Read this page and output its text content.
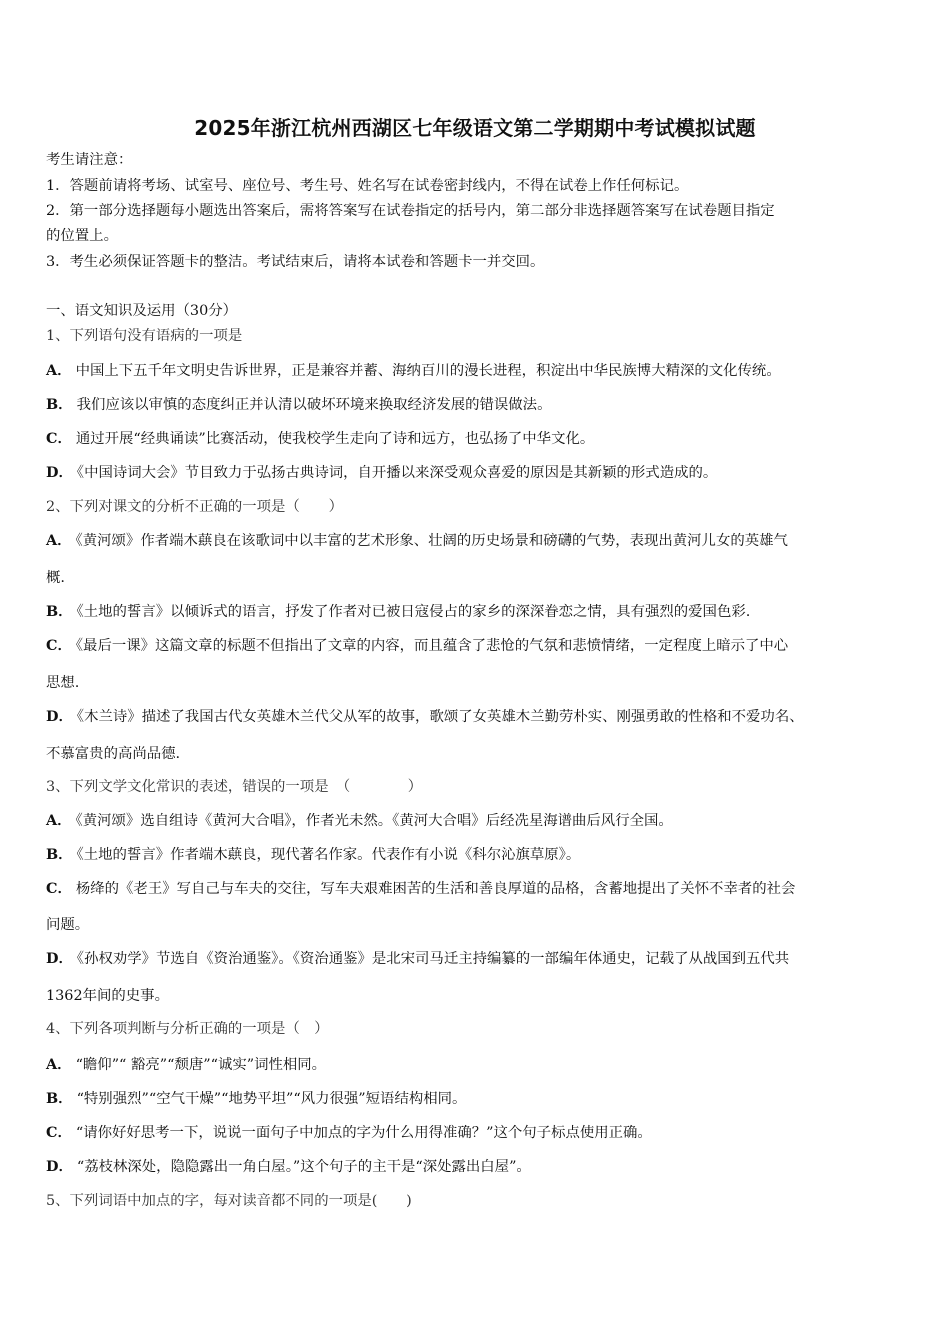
2025年浙江杭州西湖区七年级语文第二学期期中考试模拟试题
考生请注意：
1．答题前请将考场、试室号、座位号、考生号、姓名写在试卷密封线内，不得在试卷上作任何标记。
2．第一部分选择题每小题选出答案后，需将答案写在试卷指定的括号内，第二部分非选择题答案写在试卷题目指定
的位置上。
3．考生必须保证答题卡的整洁。考试结束后，请将本试卷和答题卡一并交回。
一、语文知识及运用（30分）
1、下列语句没有语病的一项是
A． 中国上下五千年文明史告诉世界，正是兼容并蓄、海纳百川的漫长进程，积淀出中华民族博大精深的文化传统。
B． 我们应该以审慎的态度纠正并认清以破坏环境来换取经济发展的错误做法。
C． 通过开展“经典诵读”比赛活动，使我校学生走向了诗和远方，也弘扬了中华文化。
D． 《中国诗词大会》节目致力于弘扬古典诗词，自开播以来深受观众喜爱的原因是其新颖的形式造成的。
2、下列对课文的分析不正确的一项是（　　）
A． 《黄河颂》作者端木蕻良在该歌词中以丰富的艺术形象、壮阔的历史场景和磅礴的气势，表现出黄河儿女的英雄气
概.
B． 《土地的誓言》以倾诉式的语言，抒发了作者对已被日寇侵占的家乡的深深眷恋之情，具有强烈的爱国色彩.
C． 《最后一课》这篇文章的标题不但指出了文章的内容，而且蕴含了悲怆的气氛和悲愤情绪，一定程度上暗示了中心
思想.
D． 《木兰诗》描述了我国古代女英雄木兰代父从军的故事，歌颂了女英雄木兰勤劳朴实、刚强勇敢的性格和不爱功名、
不慕富贵的高尚品德.
3、下列文学文化常识的表述，错误的一项是　（　　　　）
A． 《黄河颂》选自组诗《黄河大合唱》，作者光未然。《黄河大合唱》后经冼星海谱曲后风行全国。
B． 《土地的誓言》作者端木蕻良，现代著名作家。代表作有小说《科尔沁旗草原》。
C． 杨绛的《老王》写自己与车夫的交往，写车夫艰难困苦的生活和善良厚道的品格，含蓄地提出了关怀不幸者的社会
问题。
D． 《孙权劝学》节选自《资治通鉴》。《资治通鉴》是北宋司马迁主持编纂的一部编年体通史，记载了从战国到五代共
1362年间的史事。
4、下列各项判断与分析正确的一项是（　）
A． “瞻仰”“ 豁亮”“颓唐”“诚实”词性相同。
B． “特别强烈”“空气干燥”“地势平坦”“风力很强”短语结构相同。
C． “请你好好思考一下，说说一面句子中加点的字为什么用得准确？”这个句子标点使用正确。
D． “荔枝林深处，隐隐露出一角白屋。”这个句子的主干是“深处露出白屋”。
5、下列词语中加点的字，每对读音都不同的一项是(　　)
